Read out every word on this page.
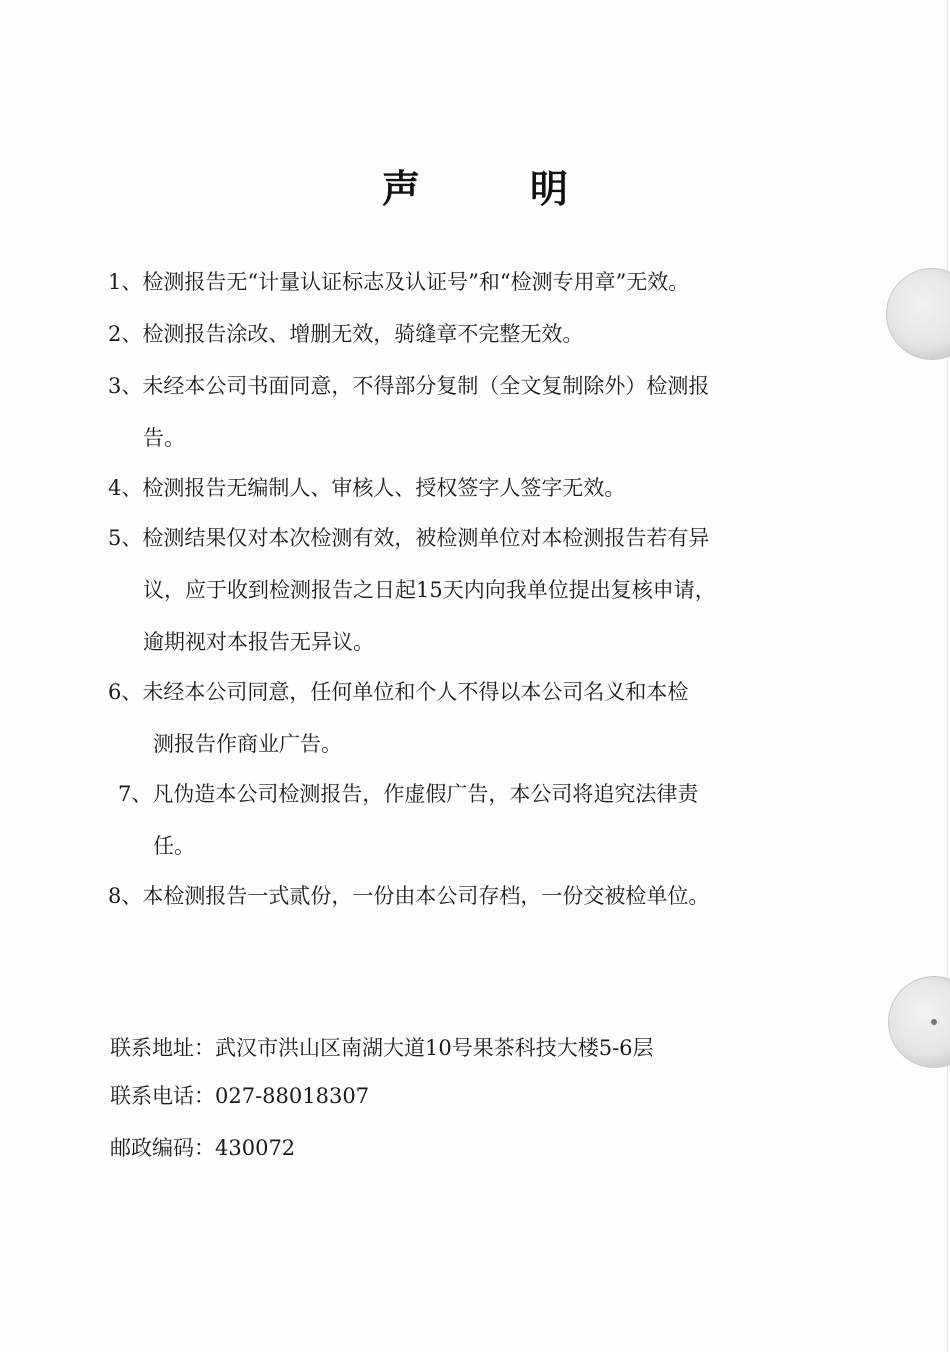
声	明
1、检测报告无“计量认证标志及认证号”和“检测专用章”无效。
2、检测报告涂改、增删无效，骑缝章不完整无效。
3、未经本公司书面同意，不得部分复制（全文复制除外）检测报
告。
4、检测报告无编制人、审核人、授权签字人签字无效。
5、检测结果仅对本次检测有效，被检测单位对本检测报告若有异
议，应于收到检测报告之日起15天内向我单位提出复核申请，
逾期视对本报告无异议。
6、未经本公司同意，任何单位和个人不得以本公司名义和本检
测报告作商业广告。
7、凡伪造本公司检测报告，作虚假广告，本公司将追究法律责
任。
8、本检测报告一式贰份，一份由本公司存档，一份交被检单位。
联系地址：武汉市洪山区南湖大道10号果茶科技大楼5-6层
联系电话：027-88018307
邮政编码：430072
